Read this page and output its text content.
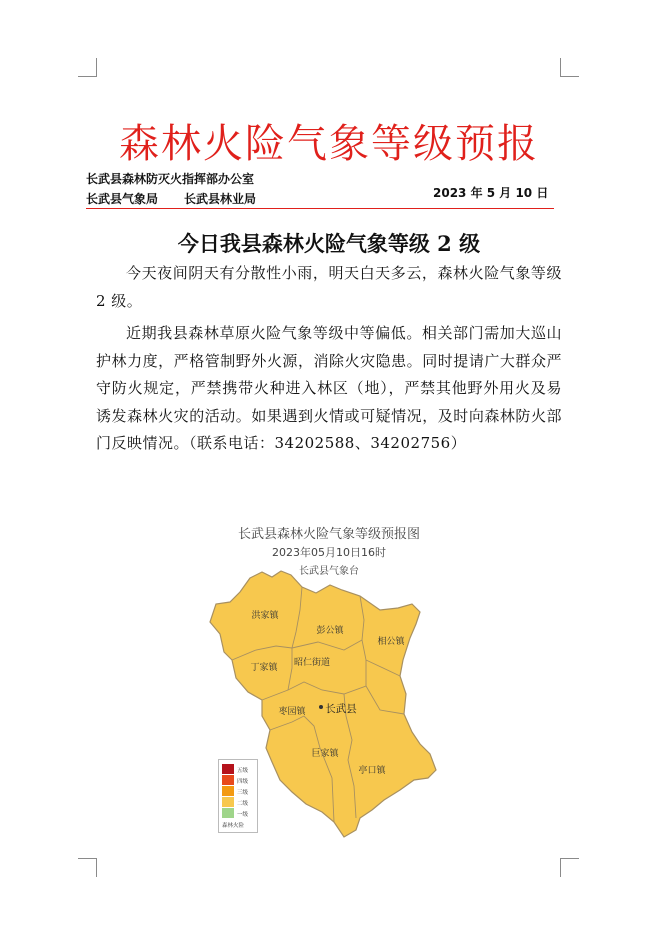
森林火险气象等级预报
长武县森林防灭火指挥部办公室
长武县气象局 长武县林业局	2023 年 5 月 10 日
今日我县森林火险气象等级 2 级

今天夜间阴天有分散性小雨，明天白天多云，森林火险气象等级 2 级。

近期我县森林草原火险气象等级中等偏低。相关部门需加大巡山护林力度，严格管制野外火源，消除火灾隐患。同时提请广大群众严守防火规定，严禁携带火种进入林区（地），严禁其他野外用火及易诱发森林火灾的活动。如果遇到火情或可疑情况，及时向森林防火部门反映情况。（联系电话：34202588、34202756）

长武县森林火险气象等级预报图
2023年05月10日16时
长武县气象台
洪家镇
彭公镇
相公镇
丁家镇 昭仁街道
枣园镇
巨家镇
亭口镇
长武县
五级
四级
三级
二级
一级
森林火险
